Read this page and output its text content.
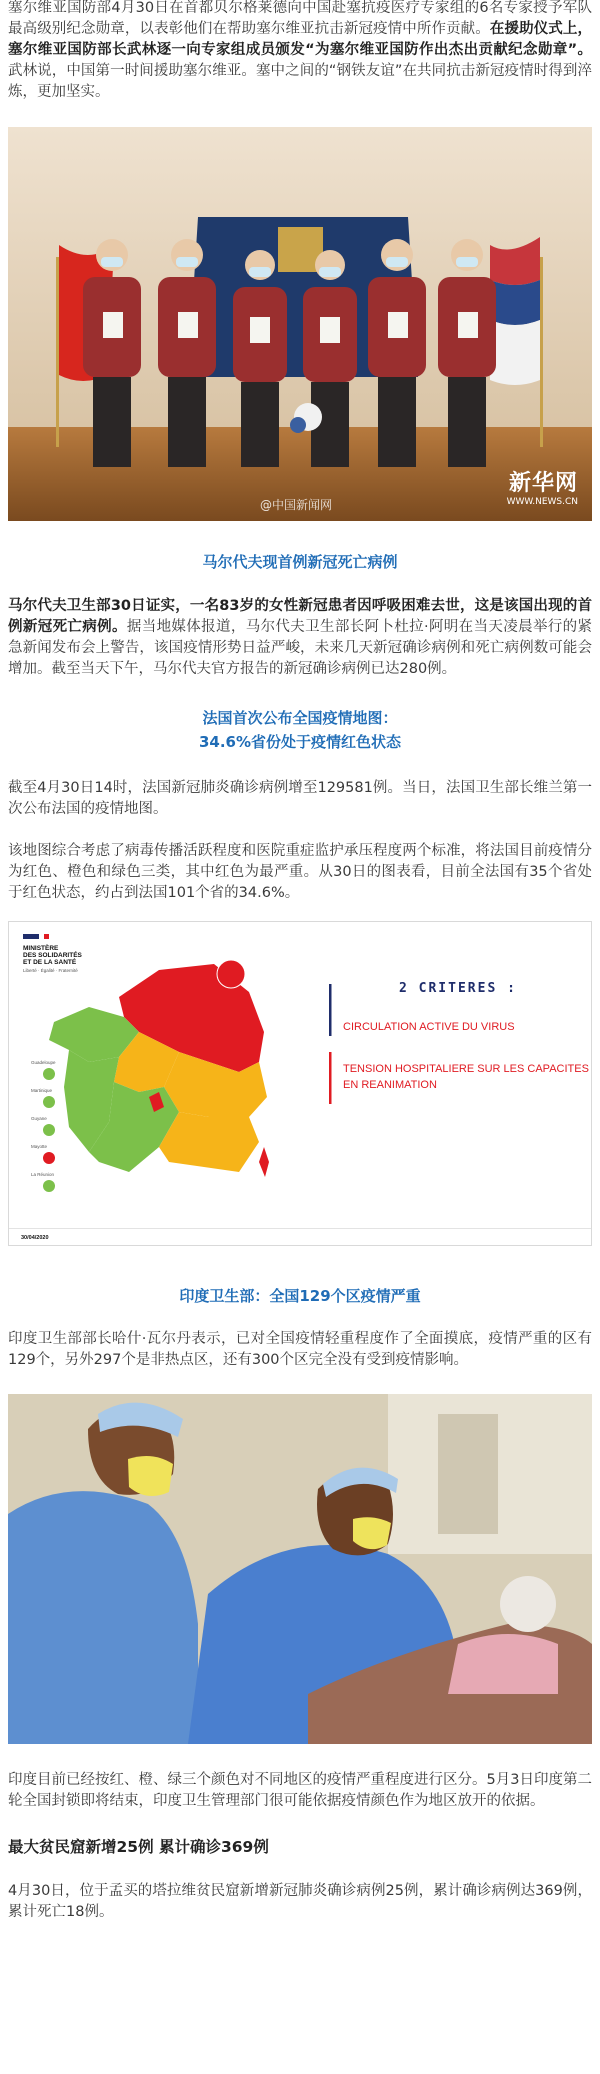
塞尔维亚国防部4月30日在首都贝尔格莱德向中国赴塞抗疫医疗专家组的6名专家授予军队最高级别纪念勋章，以表彰他们在帮助塞尔维亚抗击新冠疫情中所作贡献。在援助仪式上，塞尔维亚国防部长武林逐一向专家组成员颁发“为塞尔维亚国防作出杰出贡献纪念勋章”。武林说，中国第一时间援助塞尔维亚。塞中之间的“钢铁友谊”在共同抗击新冠疫情时得到淬炼，更加坚实。

@中国新闻网
新华网
WWW.NEWS.CN

马尔代夫现首例新冠死亡病例

马尔代夫卫生部30日证实，一名83岁的女性新冠患者因呼吸困难去世，这是该国出现的首例新冠死亡病例。据当地媒体报道，马尔代夫卫生部长阿卜杜拉·阿明在当天凌晨举行的紧急新闻发布会上警告，该国疫情形势日益严峻，未来几天新冠确诊病例和死亡病例数可能会增加。截至当天下午，马尔代夫官方报告的新冠确诊病例已达280例。

法国首次公布全国疫情地图：

34.6%省份处于疫情红色状态

截至4月30日14时，法国新冠肺炎确诊病例增至129581例。当日，法国卫生部长维兰第一次公布法国的疫情地图。

该地图综合考虑了病毒传播活跃程度和医院重症监护承压程度两个标准，将法国目前疫情分为红色、橙色和绿色三类，其中红色为最严重。从30日的图表看，目前全法国有35个省处于红色状态，约占到法国101个省的34.6%。

MINISTÈRE
DES SOLIDARITÉS
ET DE LA SANTÉ
Liberté · Égalité · Fraternité
Guadeloupe
Martinique
Guyane
Mayotte
La Réunion
2 CRITERES :
CIRCULATION ACTIVE DU VIRUS
TENSION HOSPITALIERE SUR LES CAPACITES
EN REANIMATION
30/04/2020

印度卫生部：全国129个区疫情严重

印度卫生部部长哈什·瓦尔丹表示，已对全国疫情轻重程度作了全面摸底，疫情严重的区有129个，另外297个是非热点区，还有300个区完全没有受到疫情影响。

印度目前已经按红、橙、绿三个颜色对不同地区的疫情严重程度进行区分。5月3日印度第二轮全国封锁即将结束，印度卫生管理部门很可能依据疫情颜色作为地区放开的依据。

最大贫民窟新增25例 累计确诊369例

4月30日，位于孟买的塔拉维贫民窟新增新冠肺炎确诊病例25例，累计确诊病例达369例，累计死亡18例。
